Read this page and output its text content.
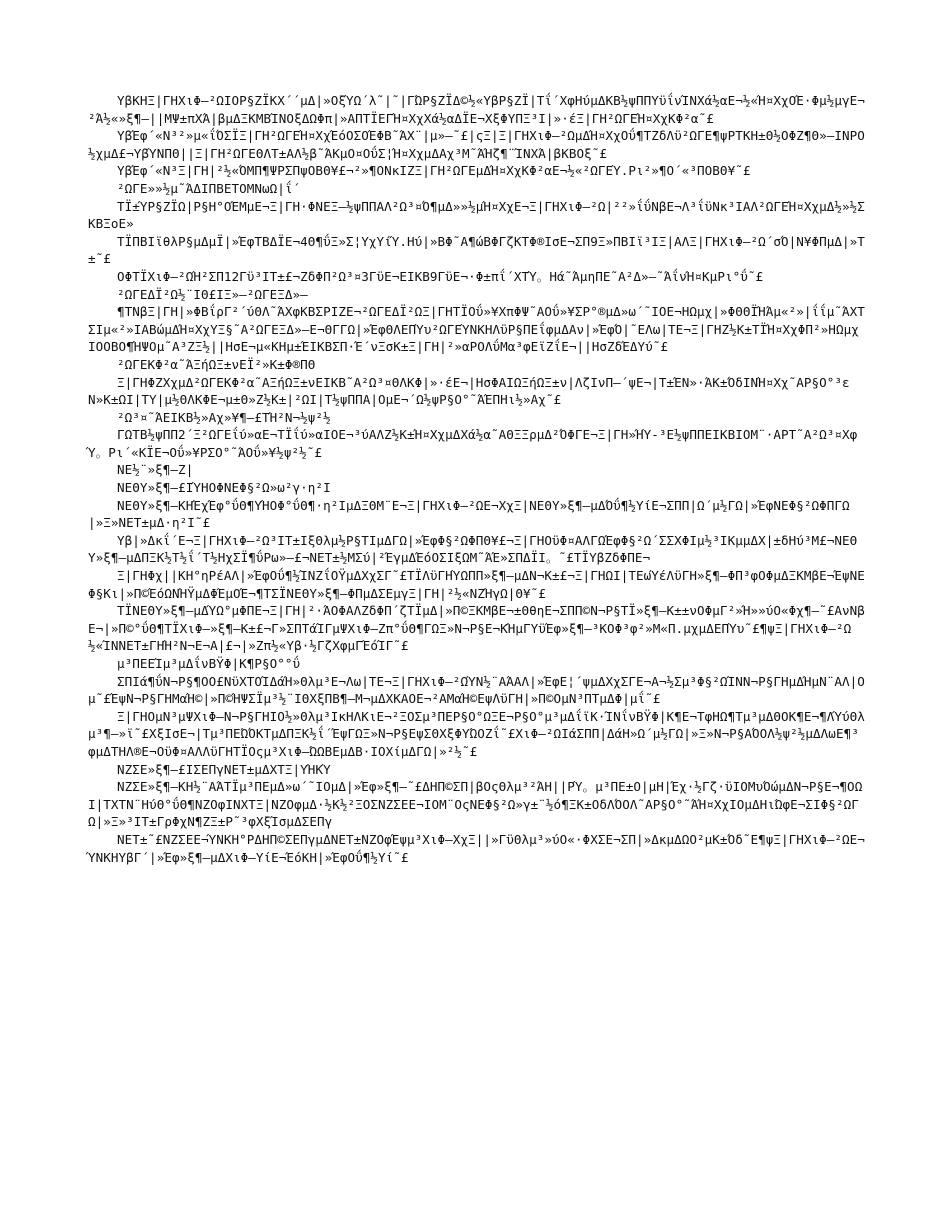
ΥβΚΗΞ|ΓΗΧιΦ—²ΩΙΟΡ§ΖΪΚΧ´´μΔ|»ΟξΎΩ´λ˜|˜|ΓΏΡ§ΖΪΔ©½«ΥβΡ§ΖΪ|Τΐ´ΧφΗύμΔΚΒ½ψΠΠΥϋΐνΊΝΧά½αΕ¬½«Ή¤ΧχΟΈ·Φμ½μγΕ¬²Ά½«»ξ¶—||ΜΨ±πΧΆ|βμΔΞΚΜΒΊΝΟξΔΩΦπ|»ΑΠΤΪΕΓΉ¤ΧχΧά½αΔΪΕ¬ΧξΦΥΠΞ³Ι|»·έΞ|ΓΗ²ΩΓΕΉ¤ΧχΚΦ²α˜£

ΥβΈφ´«Ν³²»μ«ΐΌΣΪΞ|ΓΗ²ΩΓΕΉ¤ΧχΈόΟΣΟΈΦΒ˜ΆΧ¨|μ»—˜£|ςΞ|Ξ|ΓΗΧιΦ—²ΩμΔΉ¤ΧχΟΰ¶ΤΖδΛϋ²ΩΓΕ¶ψΡΤΚΗ±Θ½ΟΦΖ¶Θ»—ΙΝΡΟ½χμΔ£¬ΥβΎΝΠΘ||Ξ|ΓΗ²ΩΓΕΘΛΤ±ΑΛ½β˜ΆΚμΟ¤ΟΰΣ¦Ή¤ΧχμΔΑχ³Μ˜ΆΉζ¶¨ΊΝΧΆ|βΚΒΟξ˜£

ΥβΈφ´«Ν³Ξ|ΓΗ|²½«ΌΜΠ¶ΨΡΣΠψΟΒΘ¥£¬²»¶ΟΝκΙΖΞ|ΓΗ²ΩΓΕμΔΉ¤ΧχΚΦ²αΕ¬½«²ΩΓΕΎ.Ρι²»¶Ο´«³ΠΟΒΘ¥˜£

²ΩΓΕ»»½μ˜ΆΔΙΠΒΕΤΟΜΝωΩ|ΐ´

ΤΪ±ΎΡ§ΖΪΩ|Ρ§Η°ΟΈΜμΕ¬Ξ|ΓΗ·ΦΝΕΞ—½ψΠΠΑΛ²Ω³¤Ό¶μΔ»»½μΉ¤ΧχΕ¬Ξ|ΓΗΧιΦ—²Ω|²²»ΐΰΝβΕ¬Λ³ΐϋΝκ³ΙΑΛ²ΩΓΕΉ¤ΧχμΔ½»½ΣΚΒΞοΕ»

ΤΪΠΒΙϊθλΡ§μΔμΪ|»ΈφΤΒΔΪΕ¬4Θ¶ΰΞ»Σ¦ΥχΥίΎ.Ηύ|»ΒΦ˜Α¶ώΒΦΓζΚΤΦ®ΙσΕ¬ΣΠ9Ξ»ΠΒΙϊ³ΙΞ|ΑΛΞ|ΓΗΧιΦ—²Ω´σΌ|Ν¥ΦΠμΔ|»Τ±˜£

ΟΦΤΪΧιΦ—²ΩΉ²ΣΠ12Γϋ³ΙΤ±£¬ΖδΦΠ²Ω³¤3ΓϋΕ¬ΕΙΚΒ9ΓϋΕ¬·Φ±πΐ´ΧΤΎ。Ηά˜ΆμηΠΕ˜Α²Δ»—˜ΆΐνΉ¤ΚμΡι°ΰ˜£

²ΩΓΕΔΪ²Ω½¨ΙΘ£ΙΞ»—²ΩΓΕΞΔ»—

¶ΤΝβΞ|ΓΗ|»ΦΒΐρΓ²´ύΘΛ˜ΆΧφΚΒΣΡΙΖΕ¬²ΩΓΕΔΪ²ΩΞ|ΓΗΤΪΟΰ»¥ΧπΦΨ˜ΑΟΰ»¥ΣΡ°®μΔ»ω´˜ΙΟΕ¬ΗΩμχ|»ΦΘΘΪΉΆμ«²»|ΐΐμ˜ΆΧΤΣΙμ«²»ΙΑΒώμΔΉ¤ΧχΥΞ§˜Α²ΩΓΕΞΔ»—Ε¬ΘΓΓΩ|»ΈφΘΛΕΠΎυ²ΩΓΕΎΝΚΗΛϋΡ§ΠΕΐφμΔΑν|»ΈφΌ|˜ΕΛω|ΤΕ¬Ξ|ΓΗΖ½Κ±ΤΪΉ¤ΧχΦΠ²»ΗΩμχΙΟΟΒΟ¶ΉΨΟμ˜Α³ΖΞ½||ΗσΕ¬μ«ΚΗμ±ΈΙΚΒΣΠ·Έ´νΞσΚ±Ξ|ΓΗ|²»αΡΟΛΰΜα³φΕϊΖΐΕ¬||ΗσΖδΈΔΥύ˜£

²ΩΓΕΚΦ²α˜ΆΞήΩΞ±νΕΪ²»Κ±Φ®ΠΘ

Ξ|ΓΗΦΖΧχμΔ²ΩΓΕΚΦ²α˜ΑΞήΩΞ±νΕΙΚΒ˜Α²Ω³¤ΘΛΚΦ|»·έΕ¬|ΗσΦΑΙΩΞήΩΞ±ν|ΛζΙνΠ—´ψΕ¬|Τ±ΈΝ»·ΆΚ±ΌδΙΝΉ¤Χχ˜ΑΡ§Ο°³εΝ»Κ±ΩΙ|ΤΥ|μ½ΘΛΚΦΕ¬μ±Θ»Ζ½Κ±|²ΩΙ|Τ½ψΠΠΑ|ΟμΕ¬´Ω½ψΡ§Ο°˜ΆΈΠΗι½»Αχ˜£

²Ω³¤˜ΆΕΙΚΒ½»Αχ»¥¶—£ΤΉ²Ν¬½ψ²½

ΓΩΤΒ½ψΠΠ2´Ξ²ΩΓΕΐύ»αΕ¬ΤΪΐύ»αΙΟΕ¬³ύΑΛΖ½Κ±Ή¤ΧχμΔΧά½α˜ΑΘΞΞρμΔ²ΌΦΓΕ¬Ξ|ΓΗ»ΉΎ-³Ε½ψΠΠΕΙΚΒΙΟΜ¨·ΑΡΤ˜Α²Ω³¤ΧφΎ。Ρι´«ΚΪΕ¬Οΰ»¥ΡΣΟ°˜ΆΟΰ»¥½ψ²½˜£

ΝΕ½¨»ξ¶—Ζ|

ΝΕΘΥ»ξ¶—£ΙΎΗΟΦΝΕΦ§²Ω»ω²γ·η²Ι

ΝΕΘΥ»ξ¶—ΚΗΈχΈφ°ΰΘ¶ΥΉΟΦ°ΰΘ¶·η²ΙμΔΞΘΜ¨Ε¬Ξ|ΓΗΧιΦ—²ΩΕ¬ΧχΞ|ΝΕΘΥ»ξ¶—μΔΌΰ¶½ΥίΕ¬ΣΠΠ|Ω´μ½ΓΩ|»ΈφΝΕΦ§²ΩΦΠΓΩ|»Ξ»ΝΕΤ±μΔ·η²Ι˜£

Υβ|»Δκΐ´Ε¬Ξ|ΓΗΧιΦ—²Ω³ΙΤ±ΙξΘλμ½Ρ§ΤΙμΔΓΩ|»ΈφΦ§²ΩΦΠΘ¥£¬Ξ|ΓΗΟϋΦ¤ΑΛΓΩΈφΦ§²Ω´ΣΣΧΦΙμ½³ΙΚμμΔΧ|±δΗύ³Μ£¬ΝΕΘΥ»ξ¶—μΔΠΞΚ½Τ½ΐ´Τ½ΗχΣΪ¶ΰΡω»—£¬ΝΕΤ±½ΜΣύ|²ΈγμΔΈόΟΣΙξΩΜ˜ΆΈ»ΣΠΔΪΙ。˜£ΤΪΥβΖδΦΠΕ¬

Ξ|ΓΗΦχ||ΚΗ°ηΡέΑΛ|»ΈφΟΰ¶½ΊΝΖΐΟΫμΔΧχΣΓ˜£ΤΪΛϋΓΗΎΩΠΠ»ξ¶—μΔΝ¬Κ±£¬Ξ|ΓΗΩΙ|ΤΕωΎέΛϋΓΗ»ξ¶—ΦΠ³φΟΦμΔΞΚΜβΕ¬ΈψΝΕΦ§Κι|»Π©ΈόΩΝΉΫμΔΦΈμΟΈ¬¶ΤΣΪΝΕΘΥ»ξ¶—ΦΠμΔΣΕμγΞ|ΓΗ|²½«ΝΖΉγΩ|Θ¥˜£

ΤΪΝΕΘΥ»ξ¶—μΔΎΩ°μΦΠΕ¬Ξ|ΓΗ|²·ΆΟΦΑΛΖδΦΠ´ζΤΪμΔ|»Π©ΞΚΜβΕ¬±ΘθηΕ¬ΣΠΠ©Ν¬Ρ§ΤΪ»ξ¶—Κ±±νΟΦμΓ²»Ή»»ύΟ«Φχ¶—˜£ΑνΝβΕ¬|»Π©°ΰΘ¶ΤΪΧιΦ—»ξ¶—Κ±£¬Γ»ΣΠΤάΊΓμΨΧιΦ—Ζπ°ΰΘ¶ΓΩΞ»Ν¬Ρ§Ε¬ΚΉμΓΥϋΈφ»ξ¶—³ΚΟΦ³φ²»Μ«Π.μχμΔΕΠΎυ˜£¶ψΞ|ΓΗΧιΦ—²Ω½«ΊΝΝΕΤ±ΓΗΉ²Ν¬Ε¬Α|£¬|»Ζπ½«Υβ·½ΓζΧφμΓΈόΊΓ˜£

μ³ΠΕΕΊμ³μΔΐνΒΫΦ|Κ¶Ρ§Ο°°ΰ

ΣΠΙά¶ΰΝ¬Ρ§¶ΟΟ£ΝϋΧΤΟΊΔάΉ»Θλμ³Ε¬Λω|ΤΕ¬Ξ|ΓΗΧιΦ—²ΩΎΝ½¨ΑΆΑΛ|»ΈφΕ¦´ψμΔΧχΣΓΕ¬Α¬½Σμ³Φ§²ΩΊΝΝ¬Ρ§ΓΗμΔΉμΝ¨ΑΛ|Ομ˜£ΈψΝ¬Ρ§ΓΗΜαΉ©|»Π©ΉΨΣΪμ³½¨ΙΘΧξΠΒ¶—Μ¬μΔΧΚΑΟΕ¬²ΑΜαΉ©ΕψΛϋΓΗ|»Π©ΟμΝ³ΠΤμΔΦ|μΐ˜£

Ξ|ΓΗΟμΝ³μΨΧιΦ—Ν¬Ρ§ΓΗΙΟ½»Θλμ³ΙκΗΛΚιΕ¬²ΞΟΣμ³ΠΕΡ§Ο°ΩΞΕ¬Ρ§Ο°μ³μΔΐϊΚ·ΊΝΐνΒΫΦ|Κ¶Ε¬ΤφΗΩ¶Τμ³μΔΘΟΚ¶Ε¬¶ΛΎύΘλμ³¶—»ϊ˜£ΧξΙσΕ¬|Τμ³ΠΕΏΌΚΤμΔΠΞΚ½ΐ´ΈψΓΩΞ»Ν¬Ρ§ΕψΣΘΧξΦΥΏΟΖΐ˜£ΧιΦ—²ΩΙάΣΠΠ|ΔάΗ»Ω´μ½ΓΩ|»Ξ»Ν¬Ρ§ΑΌΟΛ½ψ²½μΔΛωΕ¶³φμΔΤΗΛ®Ε¬ΟϋΦ¤ΑΛΛϋΓΗΤΪΟςμ³ΧιΦ—ΏΩΒΕμΔΒ·ΙΟΧίμΔΓΩ|»²½˜£

ΝΖΣΕ»ξ¶—£ΙΣΕΠγΝΕΤ±μΔΧΤΞ|ΥΉΚΎ

ΝΖΣΕ»ξ¶—ΚΗ½¨ΑΆΤΪμ³ΠΕμΔ»ω´˜ΙΟμΔ|»Έφ»ξ¶—˜£ΔΗΠ©ΣΠ|βΟςΘλμ³²ΆΗ||ΡΎ。μ³ΠΕ±Ο|μΗ|Έχ·½Γζ·ϋΙΟΜυΌώμΔΝ¬Ρ§Ε¬¶ΟΩΙ|ΤΧΤΝ¨ΗύΘ°ΰΘ¶ΝΖΟφΙΝΧΤΞ|ΝΖΟφμΔ·½Κ½²ΞΟΣΝΖΣΕΕ¬ΙΟΜ¨ΟςΝΕΦ§²Ω»γ±¨½ό¶ΞΚ±ΟδΛΌΟΛ˜ΑΡ§Ο°˜ΆΉ¤ΧχΙΟμΔΗιΏφΕ¬ΣΙΦ§²ΩΓΩ|»Ξ»³ΙΤ±ΓρΦχΝ¶ΖΞ±Ρ˜³φΧξΊσμΔΣΕΠγ

ΝΕΤ±˜£ΝΖΣΕΕ¬ΎΝΚΗ°ΡΔΗΠ©ΣΕΠγμΔΝΕΤ±ΝΖΟφΈψμ³ΧιΦ—ΧχΞ||»ΓϋΘλμ³»ύΟ«·ΦΧΣΕ¬ΣΠ|»ΔκμΔΩΟ²μΚ±Όδ˜Ε¶ψΞ|ΓΗΧιΦ—²ΩΕ¬ΎΝΚΗΥβΓ´|»Έφ»ξ¶—μΔΧιΦ—ΥίΕ¬ΈόΚΗ|»ΈφΟΰ¶½Υί˜£
